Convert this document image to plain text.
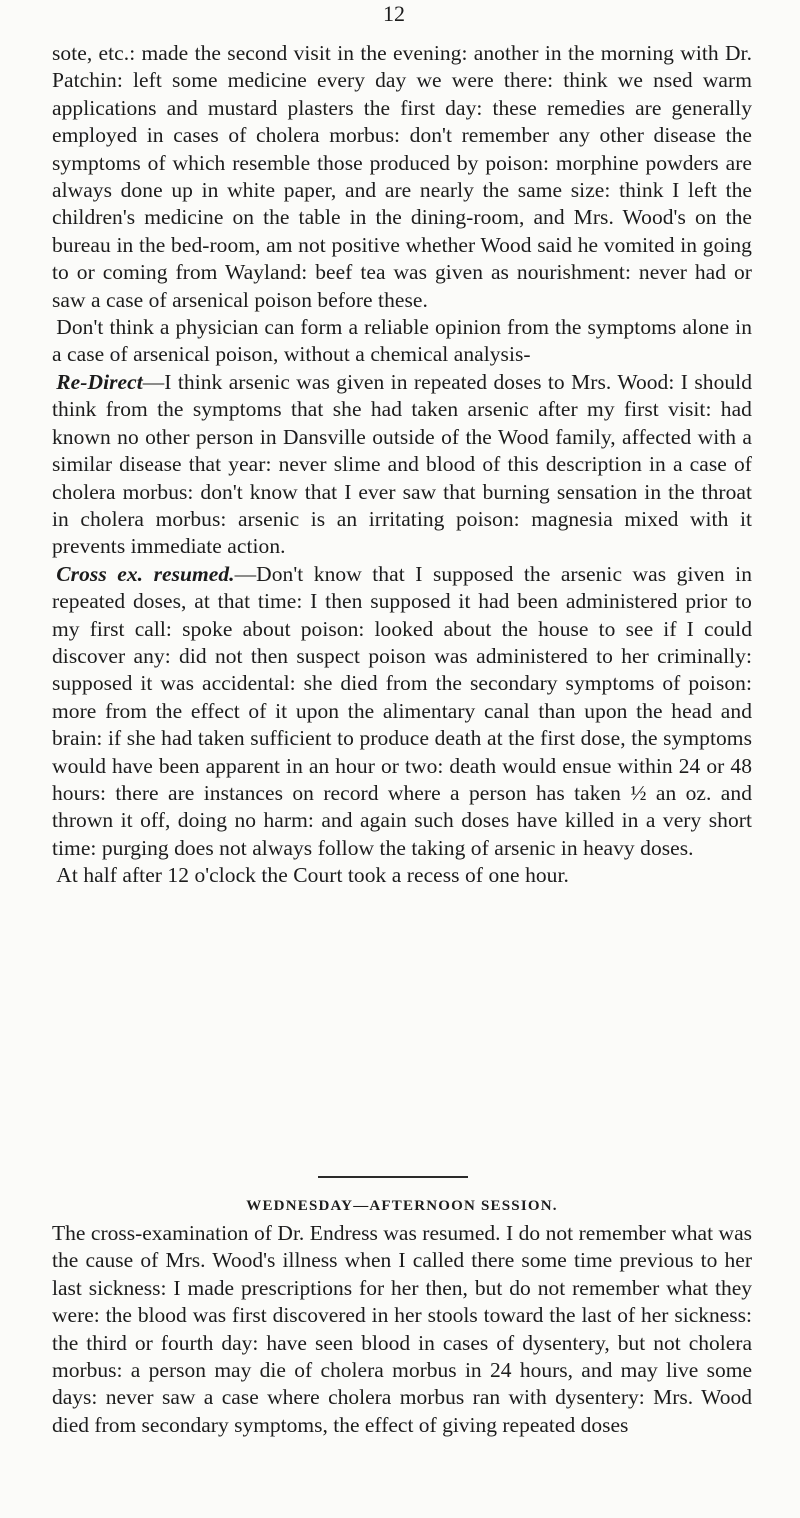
12

sote, etc.: made the second visit in the evening: another in the morning with Dr. Patchin: left some medicine every day we were there: think we nsed warm applications and mustard plasters the first day: these remedies are generally employed in cases of cholera morbus: don't remember any other disease the symptoms of which resemble those produced by poison: morphine powders are always done up in white paper, and are nearly the same size: think I left the children's medicine on the table in the dining-room, and Mrs. Wood's on the bureau in the bed-room, am not positive whether Wood said he vomited in going to or coming from Wayland: beef tea was given as nourishment: never had or saw a case of arsenical poison before these.

Don't think a physician can form a reliable opinion from the symptoms alone in a case of arsenical poison, without a chemical analysis-

Re-Direct—I think arsenic was given in repeated doses to Mrs. Wood: I should think from the symptoms that she had taken arsenic after my first visit: had known no other person in Dansville outside of the Wood family, affected with a similar disease that year: never slime and blood of this description in a case of cholera morbus: don't know that I ever saw that burning sensation in the throat in cholera morbus: arsenic is an irritating poison: magnesia mixed with it prevents immediate action.

Cross ex. resumed.—Don't know that I supposed the arsenic was given in repeated doses, at that time: I then supposed it had been administered prior to my first call: spoke about poison: looked about the house to see if I could discover any: did not then suspect poison was administered to her criminally: supposed it was accidental: she died from the secondary symptoms of poison: more from the effect of it upon the alimentary canal than upon the head and brain: if she had taken sufficient to produce death at the first dose, the symptoms would have been apparent in an hour or two: death would ensue within 24 or 48 hours: there are instances on record where a person has taken ½ an oz. and thrown it off, doing no harm: and again such doses have killed in a very short time: purging does not always follow the taking of arsenic in heavy doses.

At half after 12 o'clock the Court took a recess of one hour.

WEDNESDAY—AFTERNOON SESSION.

The cross-examination of Dr. Endress was resumed. I do not remember what was the cause of Mrs. Wood's illness when I called there some time previous to her last sickness: I made prescriptions for her then, but do not remember what they were: the blood was first discovered in her stools toward the last of her sickness: the third or fourth day: have seen blood in cases of dysentery, but not cholera morbus: a person may die of cholera morbus in 24 hours, and may live some days: never saw a case where cholera morbus ran with dysentery: Mrs. Wood died from secondary symptoms, the effect of giving repeated doses
